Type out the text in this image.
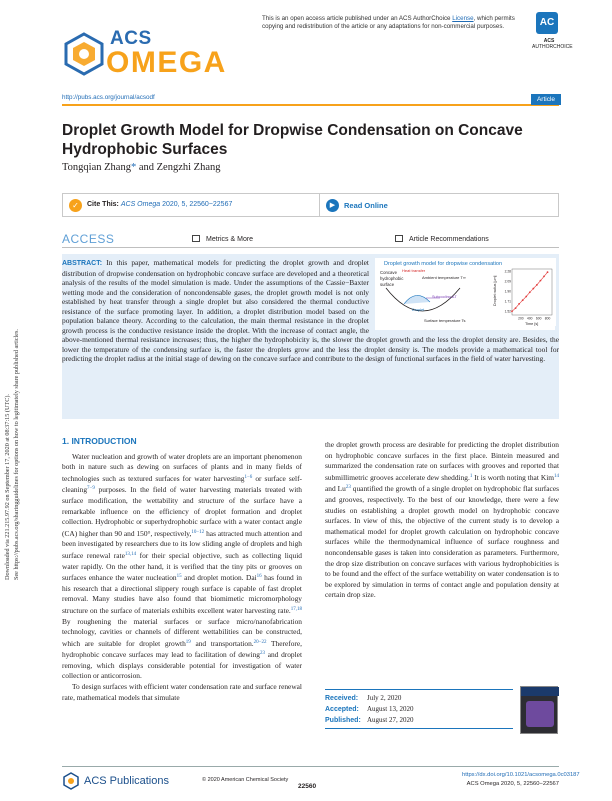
Downloaded via 221.215.97.92 on September 17, 2020 at 08:37:15 (UTC). See https://pubs.acs.org/sharingguidelines for options on how to legitimately share published articles.
This is an open access article published under an ACS AuthorChoice License, which permits copying and redistribution of the article or any adaptations for non-commercial purposes.
ACS
OMEGA
AC
ACS
AUTHORCHOICE
http://pubs.acs.org/journal/acsodf	Article
Droplet Growth Model for Dropwise Condensation on Concave Hydrophobic Surfaces
Tongqian Zhang* and Zengzhi Zhang
✓	Cite This: ACS Omega 2020, 5, 22560−22567	▶	Read Online
ACCESS	Metrics & More	Article Recommendations
ABSTRACT: In this paper, mathematical models for predicting the droplet growth and droplet distribution of dropwise condensation on hydrophobic concave surface are developed and a theoretical analysis of the results of the model simulation is made. Under the assumptions of the Cassie−Baxter wetting mode and the consideration of noncondensable gases, the droplet growth model is not only established by heat transfer through a single droplet but also considered the thermal conductive resistance of the surface promoting layer. In addition, a droplet distribution model based on the population balance theory. According to the calculation, the main thermal resistance in the droplet growth process is the conductive resistance inside the droplet. With the increase of contact angle, the above-mentioned thermal resistance increases; thus, the higher the hydrophobicity is, the slower the droplet growth and the less the droplet density are. Besides, the lower the temperature of the condensing surface is, the faster the droplets grow and the less the droplet density is. The models provide a mathematical tool for predicting the droplet radius at the initial stage of dewing on the concave surface and contribute to the design of functional surfaces in the field of water harvesting.
Droplet growth model for dropwise condensation
Concave
hydrophobic
surface
Heat transfer
Ambient temperature T∞
Subcooling ΔT
Droplet
Surface temperature Ts
2.28
2.09
1.90
1.71
1.52
200 400 600 800
Droplet radius [μm]
Time [s]
1. INTRODUCTION

Water nucleation and growth of water droplets are an important phenomenon both in nature such as dewing on surfaces of plants and in many fields of technologies such as textured surfaces for water harvesting$^{1-6}$ or surface self-cleaning$^{7-9}$ purposes. In the field of water harvesting materials treated with surface modification, the wettability and structure of the surface have a remarkable influence on the efficiency of droplet formation and droplet collection. Hydrophobic or superhydrophobic surface with a water contact angle (CA) higher than 90 and 150°, respectively,$^{10-12}$ has attracted much attention and been investigated by researchers due to its low sliding angle of droplets and high surface renewal rate$^{13,14}$ for their special objective, such as collecting liquid water rapidly. On the other hand, it is verified that the tiny pits or grooves on surfaces enhance the water nucleation$^{15}$ and droplet motion. Dai$^{16}$ has found in his research that a directional slippery rough surface is capable of fast droplet removal. Many studies have also found that biomimetic micromorphology structure on the surface of materials exhibits excellent water harvesting rate.$^{17,18}$ By roughening the material surfaces or surface micro/nanofabrication technology, cavities or channels of different wettabilities can be constructed, which are suitable for droplet growth$^{19}$ and transportation.$^{20-22}$ Therefore, hydrophobic concave surfaces may lead to facilitation of dewing$^{23}$ and droplet removing, which displays considerable potential for investigation of water collection or anticorrosion.

To design surfaces with efficient water condensation rate and surface renewal rate, mathematical models that simulate

the droplet growth process are desirable for predicting the droplet distribution on hydrophobic concave surfaces in the first place. Bintein measured and summarized the condensation rate on surfaces with grooves and reported that submillimetric grooves accelerate dew shedding.$^1$ It is worth noting that Kim$^{14}$ and Lu$^{23}$ quantified the growth of a single droplet on hydrophobic flat surfaces and grooves, respectively. To the best of our knowledge, there were a few studies on establishing a droplet growth model on hydrophobic concave surfaces. In view of this, the objective of the current study is to develop a mathematical model for droplet growth calculation on hydrophobic concave surfaces while the thermodynamical influence of surface roughness and noncondensable gases is taken into consideration as parameters. Furthermore, the drop size distribution on concave surfaces with various hydrophobicities is to be found and the effect of the surface wettability on water condensation is to be explored by simulation in terms of contact angle and population density at certain drop size.

Received: July 2, 2020
Accepted: August 13, 2020
Published: August 27, 2020
ACS Publications	© 2020 American Chemical Society
22560
https://dx.doi.org/10.1021/acsomega.0c03187
ACS Omega 2020, 5, 22560−22567
